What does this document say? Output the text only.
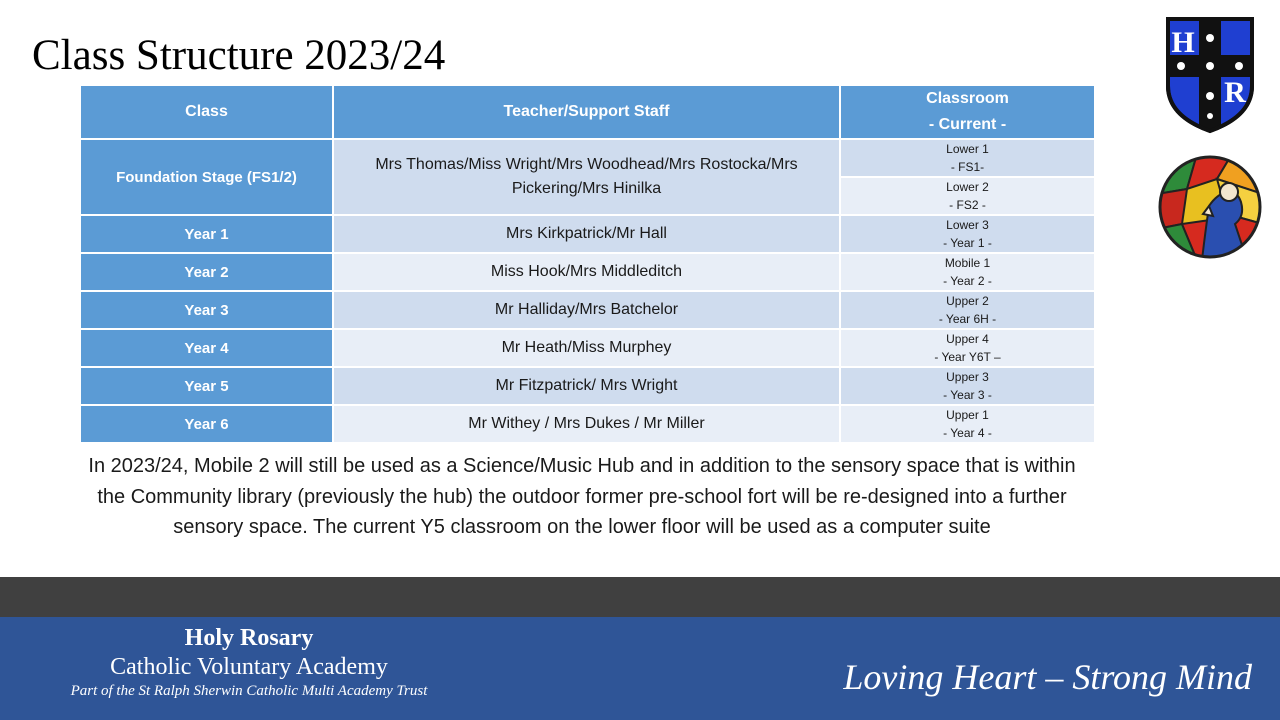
Class Structure 2023/24
Class	Teacher/Support Staff	Classroom
- Current -

Foundation Stage (FS1/2)	Mrs Thomas/Miss Wright/Mrs Woodhead/Mrs Rostocka/Mrs Pickering/Mrs Hinilka	Lower 1
- FS1-

		Lower 2
- FS2 -

Year 1	Mrs Kirkpatrick/Mr Hall	Lower 3
- Year 1 -

Year 2	Miss Hook/Mrs Middleditch	Mobile 1
- Year 2 -

Year 3	Mr Halliday/Mrs Batchelor	Upper 2
- Year 6H -

Year 4	Mr Heath/Miss Murphey	Upper 4
- Year Y6T –

Year 5	Mr Fitzpatrick/ Mrs Wright	Upper 3
- Year 3 -

Year 6	Mr Withey / Mrs Dukes / Mr Miller	Upper 1
- Year 4 -
In 2023/24, Mobile 2 will still be used as a Science/Music Hub and in addition to the sensory space that is within the Community library (previously the hub) the outdoor former pre-school fort will be re-designed into a further sensory space. The current Y5 classroom on the lower floor will be used as a computer suite
H
R
Holy Rosary
Catholic Voluntary Academy
Part of the St Ralph Sherwin Catholic Multi Academy Trust	Loving Heart – Strong Mind
